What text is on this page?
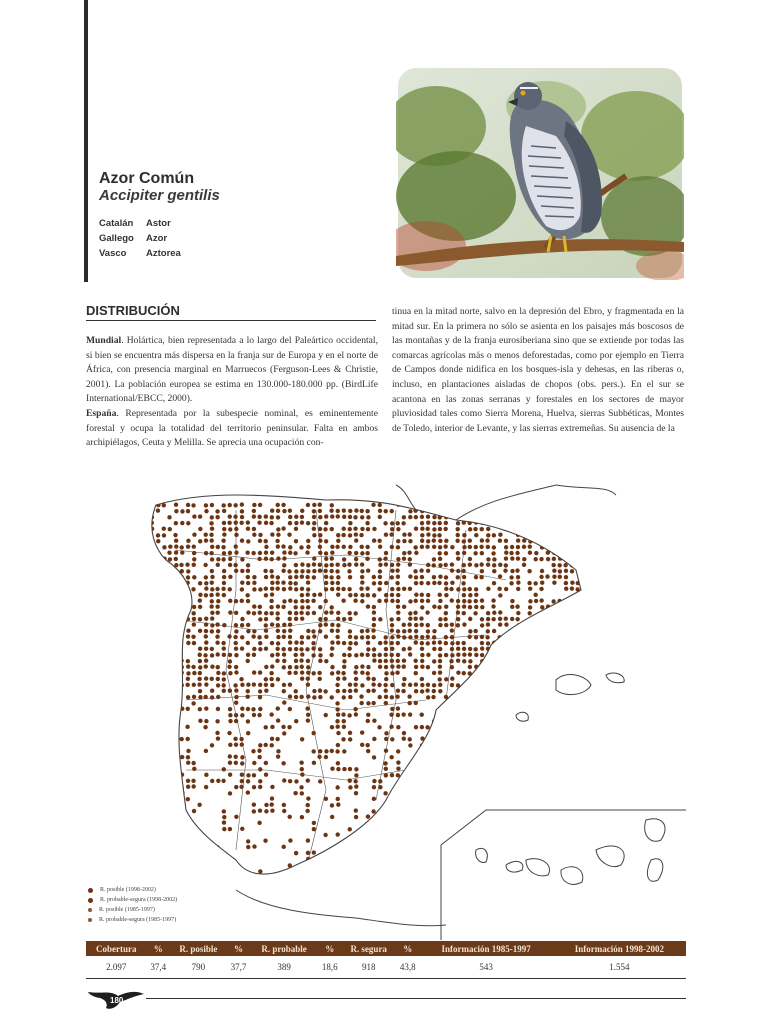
Azor Común
Accipiter gentilis
Catalán	Astor
Gallego	Azor
Vasco	Aztorea
DISTRIBUCIÓN

Mundial. Holártica, bien representada a lo largo del Paleártico occidental, si bien se encuentra más dispersa en la franja sur de Europa y en el norte de África, con presencia marginal en Marruecos (Ferguson-Lees & Christie, 2001). La población europea se estima en 130.000-180.000 pp. (BirdLife International/EBCC, 2000).

España. Representada por la subespecie nominal, es eminentemente forestal y ocupa la totalidad del territorio peninsular. Falta en ambos archipiélagos, Ceuta y Melilla. Se aprecia una ocupación con-

tinua en la mitad norte, salvo en la depresión del Ebro, y fragmentada en la mitad sur. En la primera no sólo se asienta en los paisajes más boscosos de las montañas y de la franja eurosiberiana sino que se extiende por todas las comarcas agrícolas más o menos deforestadas, como por ejemplo en Tierra de Campos donde nidifica en los bosques-isla y dehesas, en las riberas o, incluso, en plantaciones aisladas de chopos (obs. pers.). En el sur se acantona en las zonas serranas y forestales en los sectores de mayor pluviosidad tales como Sierra Morena, Huelva, sierras Subbéticas, Montes de Toledo, interior de Levante, y las sierras extremeñas. Su ausencia de la

R. posible (1998-2002)
R. probable-segura (1998-2002)
R. posible (1985-1997)
R. probable-segura (1985-1997)
Cobertura	%	R. posible	%	R. probable	%	R. segura	%	Información 1985-1997	Información 1998-2002
2.097	37,4	790	37,7	389	18,6	918	43,8	543	1.554
180
